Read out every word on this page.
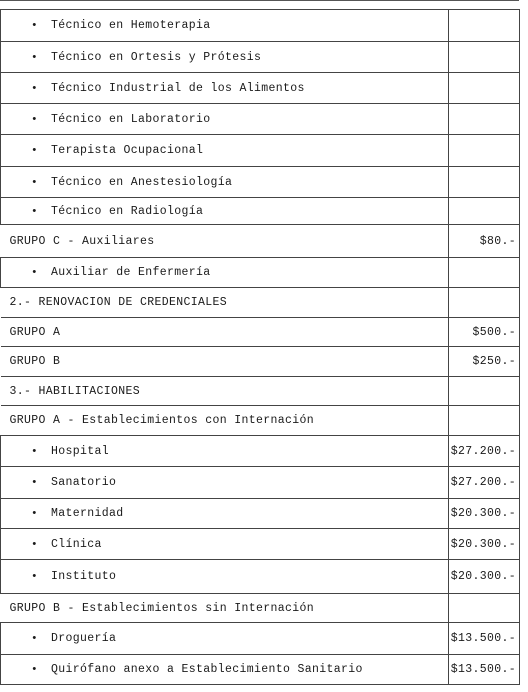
• Técnico en Hemoterapia	
• Técnico en Ortesis y Prótesis	
• Técnico Industrial de los Alimentos	
• Técnico en Laboratorio	
• Terapista Ocupacional	
• Técnico en Anestesiología	
• Técnico en Radiología	
GRUPO C - Auxiliares	$80.-
• Auxiliar de Enfermería	
2.- RENOVACION DE CREDENCIALES	
GRUPO A	$500.-
GRUPO B	$250.-
3.- HABILITACIONES	
GRUPO A - Establecimientos con Internación	
• Hospital	$27.200.-
• Sanatorio	$27.200.-
• Maternidad	$20.300.-
• Clínica	$20.300.-
• Instituto	$20.300.-
GRUPO B - Establecimientos sin Internación	
• Droguería	$13.500.-
• Quirófano anexo a Establecimiento Sanitario	$13.500.-
